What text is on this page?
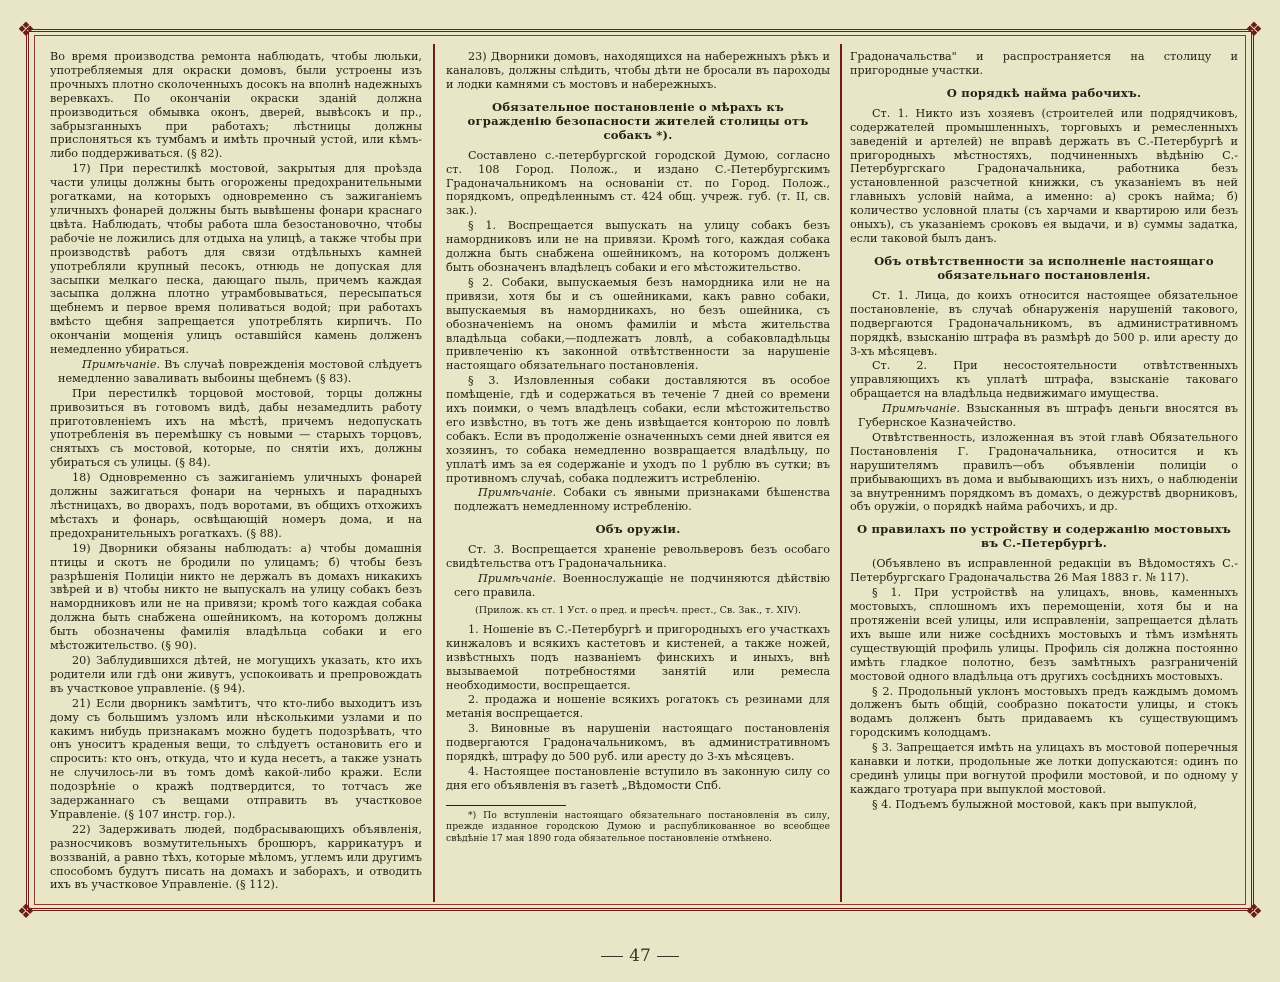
❖	❖
❖	❖

Во время производства ремонта наблюдать, чтобы люльки, употребляемыя для окраски домовъ, были устроены изъ прочныхъ плотно сколоченныхъ досокъ на вполнѣ надежныхъ веревкахъ. По окончаніи окраски зданій должна производиться обмывка оконъ, дверей, вывѣсокъ и пр., забрызганныхъ при работахъ; лѣстницы должны прислоняться къ тумбамъ и имѣть прочный устой, или кѣмъ-либо поддерживаться. (§ 82).

17) При перестилкѣ мостовой, закрытыя для проѣзда части улицы должны быть огорожены предохранительными рогатками, на которыхъ одновременно съ зажиганіемъ уличныхъ фонарей должны быть вывѣшены фонари краснаго цвѣта. Наблюдать, чтобы работа шла безостановочно, чтобы рабочіе не ложились для отдыха на улицѣ, а также чтобы при производствѣ работъ для связи отдѣльныхъ камней употребляли крупный песокъ, отнюдь не допуская для засыпки мелкаго песка, дающаго пыль, причемъ каждая засыпка должна плотно утрамбовываться, пересыпаться щебнемъ и первое время поливаться водой; при работахъ вмѣсто щебня запрещается употреблять кирпичъ. По окончаніи мощенія улицъ оставшійся камень долженъ немедленно убираться.

Примѣчаніе. Въ случаѣ поврежденія мостовой слѣдуетъ немедленно заваливать выбоины щебнемъ (§ 83).

При перестилкѣ торцовой мостовой, торцы должны привозиться въ готовомъ видѣ, дабы незамедлить работу приготовленіемъ ихъ на мѣстѣ, причемъ недопускать употребленія въ перемѣшку съ новыми — старыхъ торцовъ, снятыхъ съ мостовой, которые, по снятіи ихъ, должны убираться съ улицы. (§ 84).

18) Одновременно съ зажиганіемъ уличныхъ фонарей должны зажигаться фонари на черныхъ и парадныхъ лѣстницахъ, во дворахъ, подъ воротами, въ общихъ отхожихъ мѣстахъ и фонарь, освѣщающій номеръ дома, и на предохранительныхъ рогаткахъ. (§ 88).

19) Дворники обязаны наблюдать: а) чтобы домашнія птицы и скотъ не бродили по улицамъ; б) чтобы безъ разрѣшенія Полиціи никто не держалъ въ домахъ никакихъ звѣрей и в) чтобы никто не выпускалъ на улицу собакъ безъ намордниковъ или не на привязи; кромѣ того каждая собака должна быть снабжена ошейникомъ, на которомъ должны быть обозначены фамилія владѣльца собаки и его мѣстожительство. (§ 90).

20) Заблудившихся дѣтей, не могущихъ указать, кто ихъ родители или гдѣ они живутъ, успокоивать и препровождать въ участковое управленіе. (§ 94).

21) Если дворникъ замѣтитъ, что кто-либо выходитъ изъ дому съ большимъ узломъ или нѣсколькими узлами и по какимъ нибудь признакамъ можно будетъ подозрѣвать, что онъ уноситъ краденыя вещи, то слѣдуетъ остановить его и спросить: кто онъ, откуда, что и куда несетъ, а также узнать не случилось-ли въ томъ домѣ какой-либо кражи. Если подозрѣніе о кражѣ подтвердится, то тотчасъ же задержаннаго съ вещами отправить въ участковое Управленіе. (§ 107 инстр. гор.).

22) Задерживать людей, подбрасывающихъ объявленія, разносчиковъ возмутительныхъ брошюръ, каррикатуръ и воззваній, а равно тѣхъ, которые мѣломъ, углемъ или другимъ способомъ будутъ писать на домахъ и заборахъ, и отводить ихъ въ участковое Управленіе. (§ 112).

23) Дворники домовъ, находящихся на набережныхъ рѣкъ и каналовъ, должны слѣдить, чтобы дѣти не бросали въ пароходы и лодки камнями съ мостовъ и набережныхъ.

Обязательное постановленіе о мѣрахъ къ огражденію безопасности жителей столицы отъ собакъ *).

Составлено с.-петербургской городской Думою, согласно ст. 108 Город. Полож., и издано С.-Петербургскимъ Градоначальникомъ на основаніи ст. по Город. Полож., порядкомъ, опредѣленнымъ ст. 424 общ. учреж. губ. (т. II, св. зак.).

§ 1. Воспрещается выпускать на улицу собакъ безъ намордниковъ или не на привязи. Кромѣ того, каждая собака должна быть снабжена ошейникомъ, на которомъ долженъ быть обозначенъ владѣлецъ собаки и его мѣстожительство.

§ 2. Собаки, выпускаемыя безъ намордника или не на привязи, хотя бы и съ ошейниками, какъ равно собаки, выпускаемыя въ намордникахъ, но безъ ошейника, съ обозначеніемъ на ономъ фамиліи и мѣста жительства владѣльца собаки,—подлежатъ ловлѣ, а собаковладѣльцы привлеченію къ законной отвѣтственности за нарушеніе настоящаго обязательнаго постановленія.

§ 3. Изловленныя собаки доставляются въ особое помѣщеніе, гдѣ и содержаться въ теченіе 7 дней со времени ихъ поимки, о чемъ владѣлецъ собаки, если мѣстожительство его извѣстно, въ тотъ же день извѣщается конторою по ловлѣ собакъ. Если въ продолженіе означенныхъ семи дней явится ея хозяинъ, то собака немедленно возвращается владѣльцу, по уплатѣ имъ за ея содержаніе и уходъ по 1 рублю въ сутки; въ противномъ случаѣ, собака подлежитъ истребленію.

Примѣчаніе. Собаки съ явными признаками бѣшенства подлежатъ немедленному истребленію.

Объ оружіи.

Ст. 3. Воспрещается храненіе револьверовъ безъ особаго свидѣтельства отъ Градоначальника.

Примѣчаніе. Военнослужащіе не подчиняются дѣйствію сего правила.

(Прилож. къ ст. 1 Уст. о пред. и пресѣч. прест., Св. Зак., т. XIV).

1. Ношеніе въ С.-Петербургѣ и пригородныхъ его участкахъ кинжаловъ и всякихъ кастетовъ и кистеней, а также ножей, извѣстныхъ подъ названіемъ финскихъ и иныхъ, внѣ вызываемой потребностями занятій или ремесла необходимости, воспрещается.

2. продажа и ношеніе всякихъ рогатокъ съ резинами для метанія воспрещается.

3. Виновные въ нарушеніи настоящаго постановленія подвергаются Градоначальникомъ, въ административномъ порядкѣ, штрафу до 500 руб. или аресту до 3-хъ мѣсяцевъ.

4. Настоящее постановленіе вступило въ законную силу со дня его объявленія въ газетѣ „Вѣдомости Спб.

*) По вступленіи настоящаго обязательнаго постановленія въ силу, прежде изданное городскою Думою и распубликованное во всеобщее свѣдѣніе 17 мая 1890 года обязательное постановленіе отмѣнено.

Градоначальства" и распространяется на столицу и пригородные участки.

О порядкѣ найма рабочихъ.

Ст. 1. Никто изъ хозяевъ (строителей или подрядчиковъ, содержателей промышленныхъ, торговыхъ и ремесленныхъ заведеній и артелей) не вправѣ держать въ С.-Петербургѣ и пригородныхъ мѣстностяхъ, подчиненныхъ вѣдѣнію С.-Петербургскаго Градоначальника, работника безъ установленной разсчетной книжки, съ указаніемъ въ ней главныхъ условій найма, а именно: а) срокъ найма; б) количество условной платы (съ харчами и квартирою или безъ оныхъ), съ указаніемъ сроковъ ея выдачи, и в) суммы задатка, если таковой былъ данъ.

Объ отвѣтственности за исполненіе настоящаго обязательнаго постановленія.

Ст. 1. Лица, до коихъ относится настоящее обязательное постановленіе, въ случаѣ обнаруженія нарушеній такового, подвергаются Градоначальникомъ, въ административномъ порядкѣ, взысканію штрафа въ размѣрѣ до 500 р. или аресту до 3-хъ мѣсяцевъ.

Ст. 2. При несостоятельности отвѣтственныхъ управляющихъ къ уплатѣ штрафа, взысканіе таковаго обращается на владѣльца недвижимаго имущества.

Примѣчаніе. Взысканныя въ штрафъ деньги вносятся въ Губернское Казначейство.

Отвѣтственность, изложенная въ этой главѣ Обязательного Постановленія Г. Градоначальника, относится и къ нарушителямъ правилъ—объ объявленіи полиціи о прибывающихъ въ дома и выбывающихъ изъ нихъ, о наблюденіи за внутреннимъ порядкомъ въ домахъ, о дежурствѣ дворниковъ, объ оружіи, о порядкѣ найма рабочихъ, и др.

О правилахъ по устройству и содержанію мостовыхъ въ С.-Петербургѣ.

(Объявлено въ исправленной редакціи въ Вѣдомостяхъ С.-Петербургскаго Градоначальства 26 Мая 1883 г. № 117).

§ 1. При устройствѣ на улицахъ, вновь, каменныхъ мостовыхъ, сплошномъ ихъ перемощеніи, хотя бы и на протяженіи всей улицы, или исправленіи, запрещается дѣлать ихъ выше или ниже сосѣднихъ мостовыхъ и тѣмъ измѣнять существующій профиль улицы. Профиль сія должна постоянно имѣть гладкое полотно, безъ замѣтныхъ разграниченій мостовой одного владѣльца отъ другихъ сосѣднихъ мостовыхъ.

§ 2. Продольный уклонъ мостовыхъ предъ каждымъ домомъ долженъ быть общій, сообразно покатости улицы, и стокъ водамъ долженъ быть придаваемъ къ существующимъ городскимъ колодцамъ.

§ 3. Запрещается имѣть на улицахъ въ мостовой поперечныя канавки и лотки, продольные же лотки допускаются: одинъ по срединѣ улицы при вогнутой профили мостовой, и по одному у каждаго тротуара при выпуклой мостовой.

§ 4. Подъемъ булыжной мостовой, какъ при выпуклой,

47
